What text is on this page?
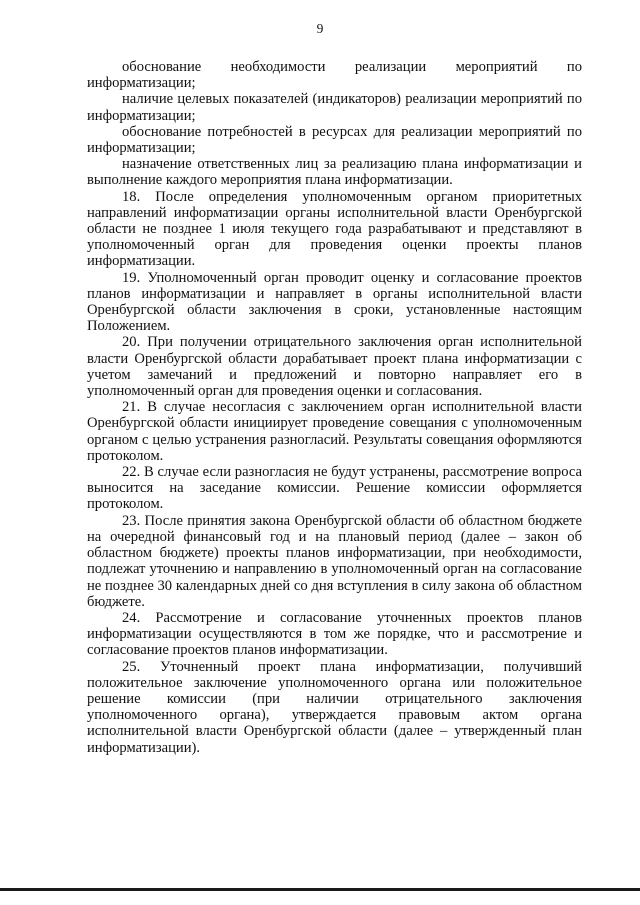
9

обоснование необходимости реализации мероприятий по информатизации;

наличие целевых показателей (индикаторов) реализации мероприятий по информатизации;

обоснование потребностей в ресурсах для реализации мероприятий по информатизации;

назначение ответственных лиц за реализацию плана информатизации и выполнение каждого мероприятия плана информатизации.

18. После определения уполномоченным органом приоритетных направлений информатизации органы исполнительной власти Оренбургской области не позднее 1 июля текущего года разрабатывают и представляют в уполномоченный орган для проведения оценки проекты планов информатизации.

19. Уполномоченный орган проводит оценку и согласование проектов планов информатизации и направляет в органы исполнительной власти Оренбургской области заключения в сроки, установленные настоящим Положением.

20. При получении отрицательного заключения орган исполнительной власти Оренбургской области дорабатывает проект плана информатизации с учетом замечаний и предложений и повторно направляет его в уполномоченный орган для проведения оценки и согласования.

21. В случае несогласия с заключением орган исполнительной власти Оренбургской области инициирует проведение совещания с уполномоченным органом с целью устранения разногласий. Результаты совещания оформляются протоколом.

22. В случае если разногласия не будут устранены, рассмотрение вопроса выносится на заседание комиссии. Решение комиссии оформляется протоколом.

23. После принятия закона Оренбургской области об областном бюджете на очередной финансовый год и на плановый период (далее – закон об областном бюджете) проекты планов информатизации, при необходимости, подлежат уточнению и направлению в уполномоченный орган на согласование не позднее 30 календарных дней со дня вступления в силу закона об областном бюджете.

24. Рассмотрение и согласование уточненных проектов планов информатизации осуществляются в том же порядке, что и рассмотрение и согласование проектов планов информатизации.

25. Уточненный проект плана информатизации, получивший положительное заключение уполномоченного органа или положительное решение комиссии (при наличии отрицательного заключения уполномоченного органа), утверждается правовым актом органа исполнительной власти Оренбургской области (далее – утвержденный план информатизации).
